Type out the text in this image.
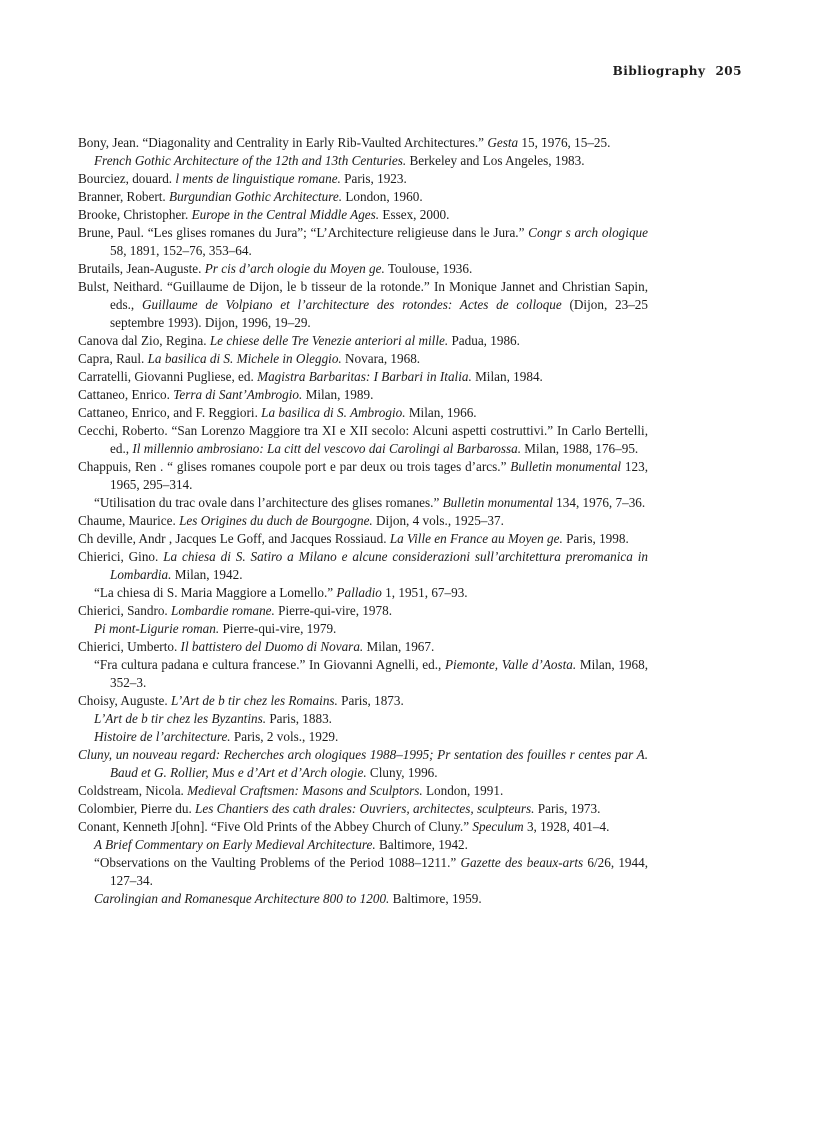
Bibliography 205

Bony, Jean. “Diagonality and Centrality in Early Rib-Vaulted Architectures.” Gesta 15, 1976, 15–25.

French Gothic Architecture of the 12th and 13th Centuries. Berkeley and Los Angeles, 1983.

Bourciez, douard. l ments de linguistique romane. Paris, 1923.

Branner, Robert. Burgundian Gothic Architecture. London, 1960.

Brooke, Christopher. Europe in the Central Middle Ages. Essex, 2000.

Brune, Paul. “Les glises romanes du Jura”; “L’Architecture religieuse dans le Jura.” Congr s arch ologique 58, 1891, 152–76, 353–64.

Brutails, Jean-Auguste. Pr cis d’arch ologie du Moyen ge. Toulouse, 1936.

Bulst, Neithard. “Guillaume de Dijon, le b tisseur de la rotonde.” In Monique Jannet and Christian Sapin, eds., Guillaume de Volpiano et l’architecture des rotondes: Actes de colloque (Dijon, 23–25 septembre 1993). Dijon, 1996, 19–29.

Canova dal Zio, Regina. Le chiese delle Tre Venezie anteriori al mille. Padua, 1986.

Capra, Raul. La basilica di S. Michele in Oleggio. Novara, 1968.

Carratelli, Giovanni Pugliese, ed. Magistra Barbaritas: I Barbari in Italia. Milan, 1984.

Cattaneo, Enrico. Terra di Sant’Ambrogio. Milan, 1989.

Cattaneo, Enrico, and F. Reggiori. La basilica di S. Ambrogio. Milan, 1966.

Cecchi, Roberto. “San Lorenzo Maggiore tra XI e XII secolo: Alcuni aspetti costruttivi.” In Carlo Bertelli, ed., Il millennio ambrosiano: La citt del vescovo dai Carolingi al Barbarossa. Milan, 1988, 176–95.

Chappuis, Ren . “ glises romanes coupole port e par deux ou trois tages d’arcs.” Bulletin monumental 123, 1965, 295–314.

“Utilisation du trac ovale dans l’architecture des glises romanes.” Bulletin monumental 134, 1976, 7–36.

Chaume, Maurice. Les Origines du duch de Bourgogne. Dijon, 4 vols., 1925–37.

Ch deville, Andr , Jacques Le Goff, and Jacques Rossiaud. La Ville en France au Moyen ge. Paris, 1998.

Chierici, Gino. La chiesa di S. Satiro a Milano e alcune considerazioni sull’architettura preromanica in Lombardia. Milan, 1942.

“La chiesa di S. Maria Maggiore a Lomello.” Palladio 1, 1951, 67–93.

Chierici, Sandro. Lombardie romane. Pierre-qui-vire, 1978.

Pi mont-Ligurie roman. Pierre-qui-vire, 1979.

Chierici, Umberto. Il battistero del Duomo di Novara. Milan, 1967.

“Fra cultura padana e cultura francese.” In Giovanni Agnelli, ed., Piemonte, Valle d’Aosta. Milan, 1968, 352–3.

Choisy, Auguste. L’Art de b tir chez les Romains. Paris, 1873.

L’Art de b tir chez les Byzantins. Paris, 1883.

Histoire de l’architecture. Paris, 2 vols., 1929.

Cluny, un nouveau regard: Recherches arch ologiques 1988–1995; Pr sentation des fouilles r centes par A. Baud et G. Rollier, Mus e d’Art et d’Arch ologie. Cluny, 1996.

Coldstream, Nicola. Medieval Craftsmen: Masons and Sculptors. London, 1991.

Colombier, Pierre du. Les Chantiers des cath drales: Ouvriers, architectes, sculpteurs. Paris, 1973.

Conant, Kenneth J[ohn]. “Five Old Prints of the Abbey Church of Cluny.” Speculum 3, 1928, 401–4.

A Brief Commentary on Early Medieval Architecture. Baltimore, 1942.

“Observations on the Vaulting Problems of the Period 1088–1211.” Gazette des beaux-arts 6/26, 1944, 127–34.

Carolingian and Romanesque Architecture 800 to 1200. Baltimore, 1959.
